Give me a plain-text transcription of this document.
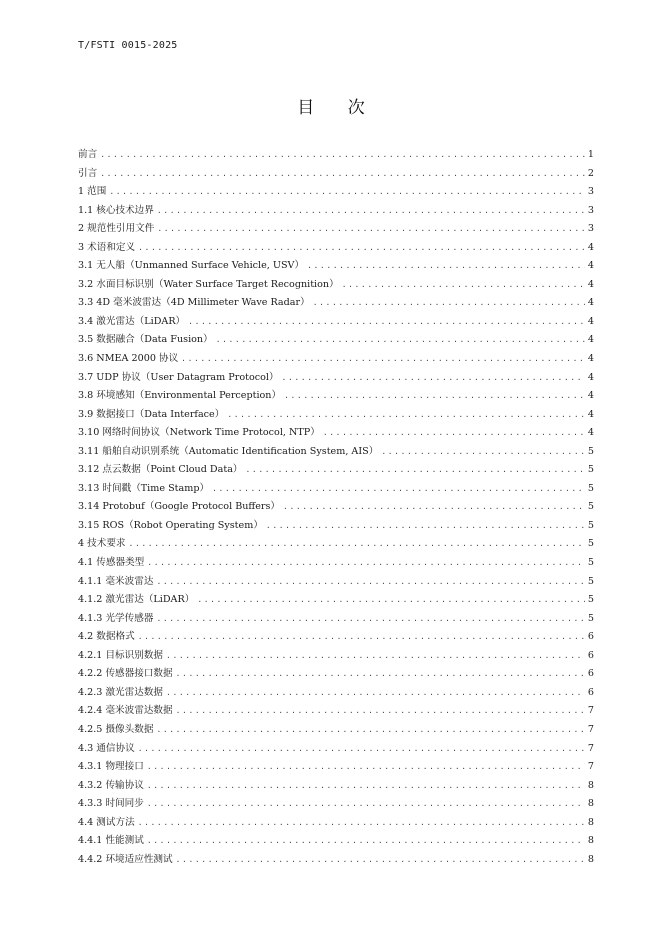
T/FSTI 0015-2025
目 次
前言 .....	1
引言 .....	2
1 范围 .....	3
1.1 核心技术边界 .....	3
2 规范性引用文件 .....	3
3 术语和定义 .....	4
3.1 无人船（Unmanned Surface Vehicle, USV） .....	4
3.2 水面目标识别（Water Surface Target Recognition） .....	4
3.3 4D 毫米波雷达（4D Millimeter Wave Radar） .....	4
3.4 激光雷达（LiDAR） .....	4
3.5 数据融合（Data Fusion） .....	4
3.6 NMEA 2000 协议 .....	4
3.7 UDP 协议（User Datagram Protocol） .....	4
3.8 环境感知（Environmental Perception） .....	4
3.9 数据接口（Data Interface） .....	4
3.10 网络时间协议（Network Time Protocol, NTP） .....	4
3.11 船舶自动识别系统（Automatic Identification System, AIS） .....	5
3.12 点云数据（Point Cloud Data） .....	5
3.13 时间戳（Time Stamp） .....	5
3.14 Protobuf（Google Protocol Buffers） .....	5
3.15 ROS（Robot Operating System） .....	5
4 技术要求 .....	5
4.1 传感器类型 .....	5
4.1.1 毫米波雷达 .....	5
4.1.2 激光雷达（LiDAR） .....	5
4.1.3 光学传感器 .....	5
4.2 数据格式 .....	6
4.2.1 目标识别数据 .....	6
4.2.2 传感器接口数据 .....	6
4.2.3 激光雷达数据 .....	6
4.2.4 毫米波雷达数据 .....	7
4.2.5 摄像头数据 .....	7
4.3 通信协议 .....	7
4.3.1 物理接口 .....	7
4.3.2 传输协议 .....	8
4.3.3 时间同步 .....	8
4.4 测试方法 .....	8
4.4.1 性能测试 .....	8
4.4.2 环境适应性测试 .....	8
